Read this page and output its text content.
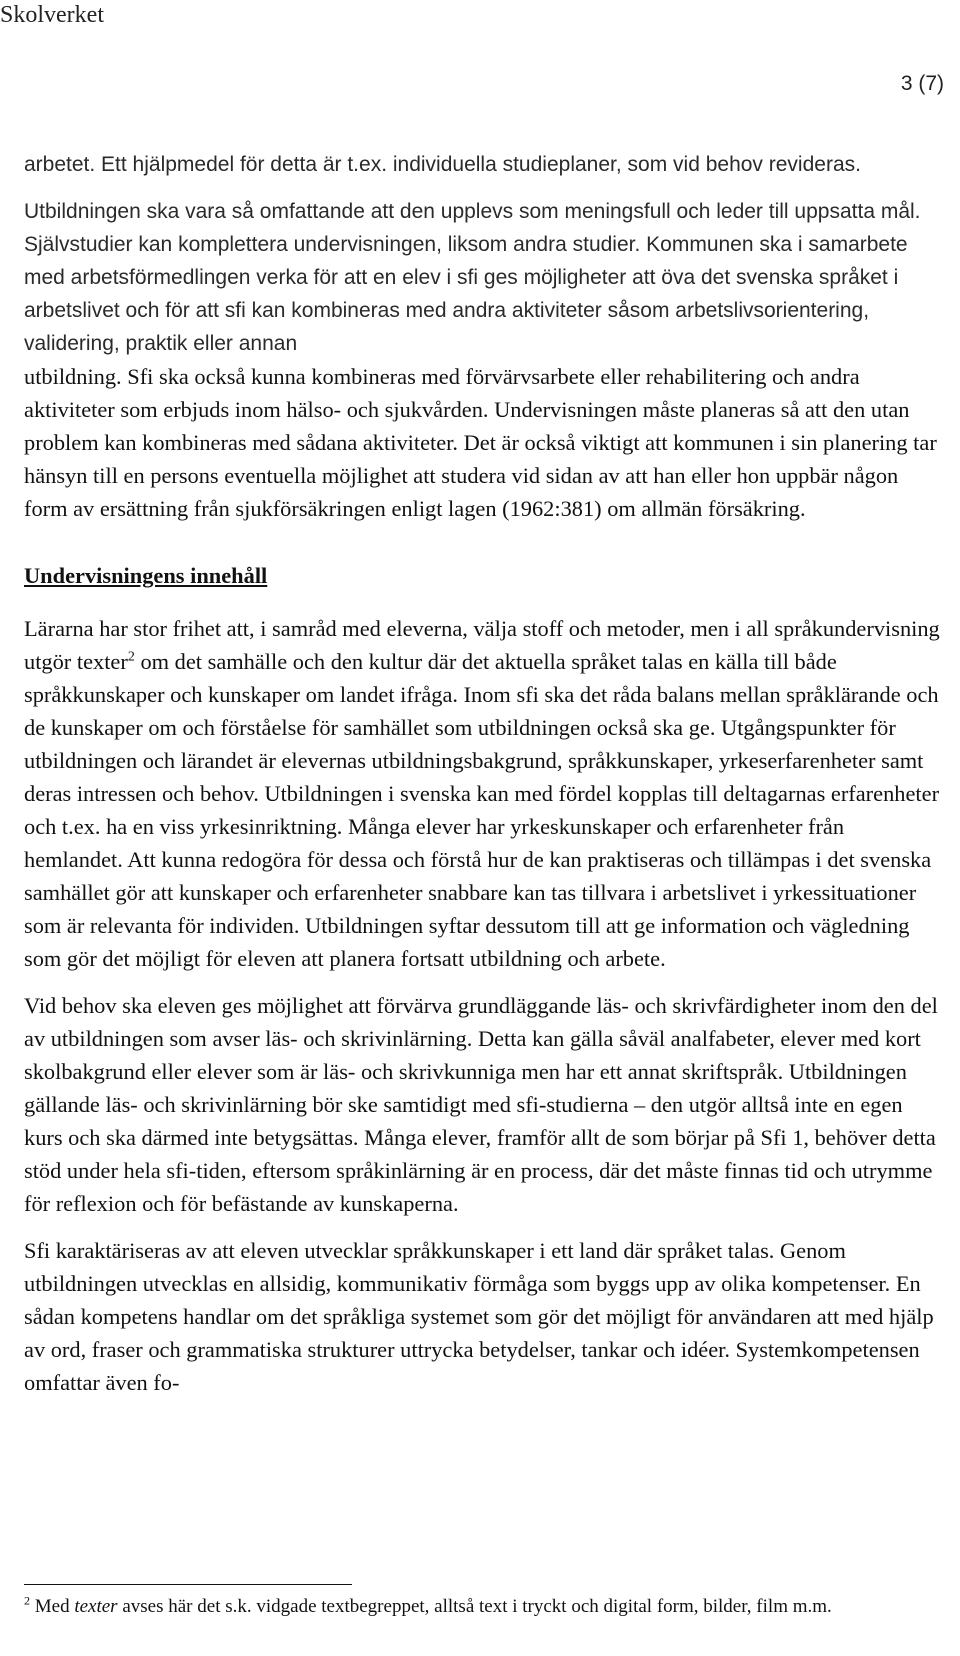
Skolverket
3 (7)

arbetet. Ett hjälpmedel för detta är t.ex. individuella studieplaner, som vid behov revideras.

Utbildningen ska vara så omfattande att den upplevs som meningsfull och leder till uppsatta mål. Självstudier kan komplettera undervisningen, liksom andra studier. Kommunen ska i samarbete med arbetsförmedlingen verka för att en elev i sfi ges möjligheter att öva det svenska språket i arbetslivet och för att sfi kan kombineras med andra aktiviteter såsom arbetslivsorientering, validering, praktik eller annan

utbildning. Sfi ska också kunna kombineras med förvärvsarbete eller rehabilitering och andra aktiviteter som erbjuds inom hälso- och sjukvården. Undervisningen måste planeras så att den utan problem kan kombineras med sådana aktiviteter. Det är också viktigt att kommunen i sin planering tar hänsyn till en persons eventuella möjlighet att studera vid sidan av att han eller hon uppbär någon form av ersättning från sjukförsäkringen enligt lagen (1962:381) om allmän försäkring.

Undervisningens innehåll

Lärarna har stor frihet att, i samråd med eleverna, välja stoff och metoder, men i all språkundervisning utgör texter$^2$ om det samhälle och den kultur där det aktuella språket talas en källa till både språkkunskaper och kunskaper om landet ifråga. Inom sfi ska det råda balans mellan språklärande och de kunskaper om och förståelse för samhället som utbildningen också ska ge. Utgångspunkter för utbildningen och lärandet är elevernas utbildningsbakgrund, språkkunskaper, yrkeserfarenheter samt deras intressen och behov. Utbildningen i svenska kan med fördel kopplas till deltagarnas erfarenheter och t.ex. ha en viss yrkesinriktning. Många elever har yrkeskunskaper och erfarenheter från hemlandet. Att kunna redogöra för dessa och förstå hur de kan praktiseras och tillämpas i det svenska samhället gör att kunskaper och erfarenheter snabbare kan tas tillvara i arbetslivet i yrkessituationer som är relevanta för individen. Utbildningen syftar dessutom till att ge information och vägledning som gör det möjligt för eleven att planera fortsatt utbildning och arbete.

Vid behov ska eleven ges möjlighet att förvärva grundläggande läs- och skrivfärdigheter inom den del av utbildningen som avser läs- och skrivinlärning. Detta kan gälla såväl analfabeter, elever med kort skolbakgrund eller elever som är läs- och skrivkunniga men har ett annat skriftspråk. Utbildningen gällande läs- och skrivinlärning bör ske samtidigt med sfi-studierna – den utgör alltså inte en egen kurs och ska därmed inte betygsättas. Många elever, framför allt de som börjar på Sfi 1, behöver detta stöd under hela sfi-tiden, eftersom språkinlärning är en process, där det måste finnas tid och utrymme för reflexion och för befästande av kunskaperna.

Sfi karaktäriseras av att eleven utvecklar språkkunskaper i ett land där språket talas. Genom utbildningen utvecklas en allsidig, kommunikativ förmåga som byggs upp av olika kompetenser. En sådan kompetens handlar om det språkliga systemet som gör det möjligt för användaren att med hjälp av ord, fraser och grammatiska strukturer uttrycka betydelser, tankar och idéer. Systemkompetensen omfattar även fo-

$^2$ Med texter avses här det s.k. vidgade textbegreppet, alltså text i tryckt och digital form, bilder, film m.m.
